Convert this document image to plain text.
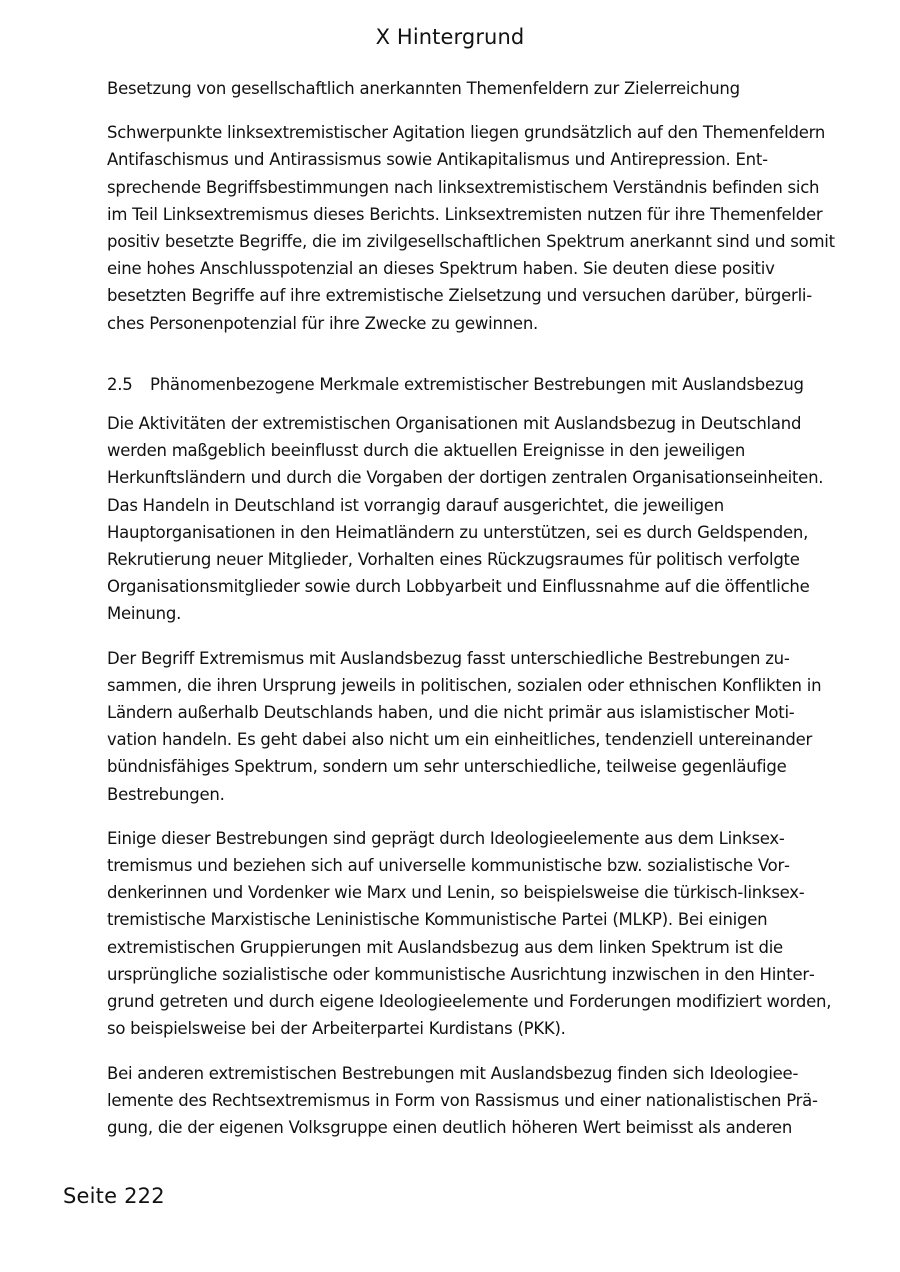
X Hintergrund

Besetzung von gesellschaftlich anerkannten Themenfeldern zur Zielerreichung

Schwerpunkte linksextremistischer Agitation liegen grundsätzlich auf den Themenfeldern Antifaschismus und Antirassismus sowie Antikapitalismus und Antirepression. Entsprechende Begriffsbestimmungen nach linksextremistischem Verständnis befinden sich im Teil Linksextremismus dieses Berichts. Linksextremisten nutzen für ihre Themenfelder positiv besetzte Begriffe, die im zivilgesellschaftlichen Spektrum anerkannt sind und somit eine hohes Anschlusspotenzial an dieses Spektrum haben. Sie deuten diese positiv besetzten Begriffe auf ihre extremistische Zielsetzung und versuchen darüber, bürgerliches Personenpotenzial für ihre Zwecke zu gewinnen.

2.5	Phänomenbezogene Merkmale extremistischer Bestrebungen mit Auslandsbezug

Die Aktivitäten der extremistischen Organisationen mit Auslandsbezug in Deutschland werden maßgeblich beeinflusst durch die aktuellen Ereignisse in den jeweiligen Herkunftsländern und durch die Vorgaben der dortigen zentralen Organisationseinheiten. Das Handeln in Deutschland ist vorrangig darauf ausgerichtet, die jeweiligen Hauptorganisationen in den Heimatländern zu unterstützen, sei es durch Geldspenden, Rekrutierung neuer Mitglieder, Vorhalten eines Rückzugsraumes für politisch verfolgte Organisationsmitglieder sowie durch Lobbyarbeit und Einflussnahme auf die öffentliche Meinung.

Der Begriff Extremismus mit Auslandsbezug fasst unterschiedliche Bestrebungen zusammen, die ihren Ursprung jeweils in politischen, sozialen oder ethnischen Konflikten in Ländern außerhalb Deutschlands haben, und die nicht primär aus islamistischer Motivation handeln. Es geht dabei also nicht um ein einheitliches, tendenziell untereinander bündnisfähiges Spektrum, sondern um sehr unterschiedliche, teilweise gegenläufige Bestrebungen.

Einige dieser Bestrebungen sind geprägt durch Ideologieelemente aus dem Linksextremismus und beziehen sich auf universelle kommunistische bzw. sozialistische Vordenkerinnen und Vordenker wie Marx und Lenin, so beispielsweise die türkisch-linksextremistische Marxistische Leninistische Kommunistische Partei (MLKP). Bei einigen extremistischen Gruppierungen mit Auslandsbezug aus dem linken Spektrum ist die ursprüngliche sozialistische oder kommunistische Ausrichtung inzwischen in den Hintergrund getreten und durch eigene Ideologieelemente und Forderungen modifiziert worden, so beispielsweise bei der Arbeiterpartei Kurdistans (PKK).

Bei anderen extremistischen Bestrebungen mit Auslandsbezug finden sich Ideologieelemente des Rechtsextremismus in Form von Rassismus und einer nationalistischen Prägung, die der eigenen Volksgruppe einen deutlich höheren Wert beimisst als anderen

Seite 222
